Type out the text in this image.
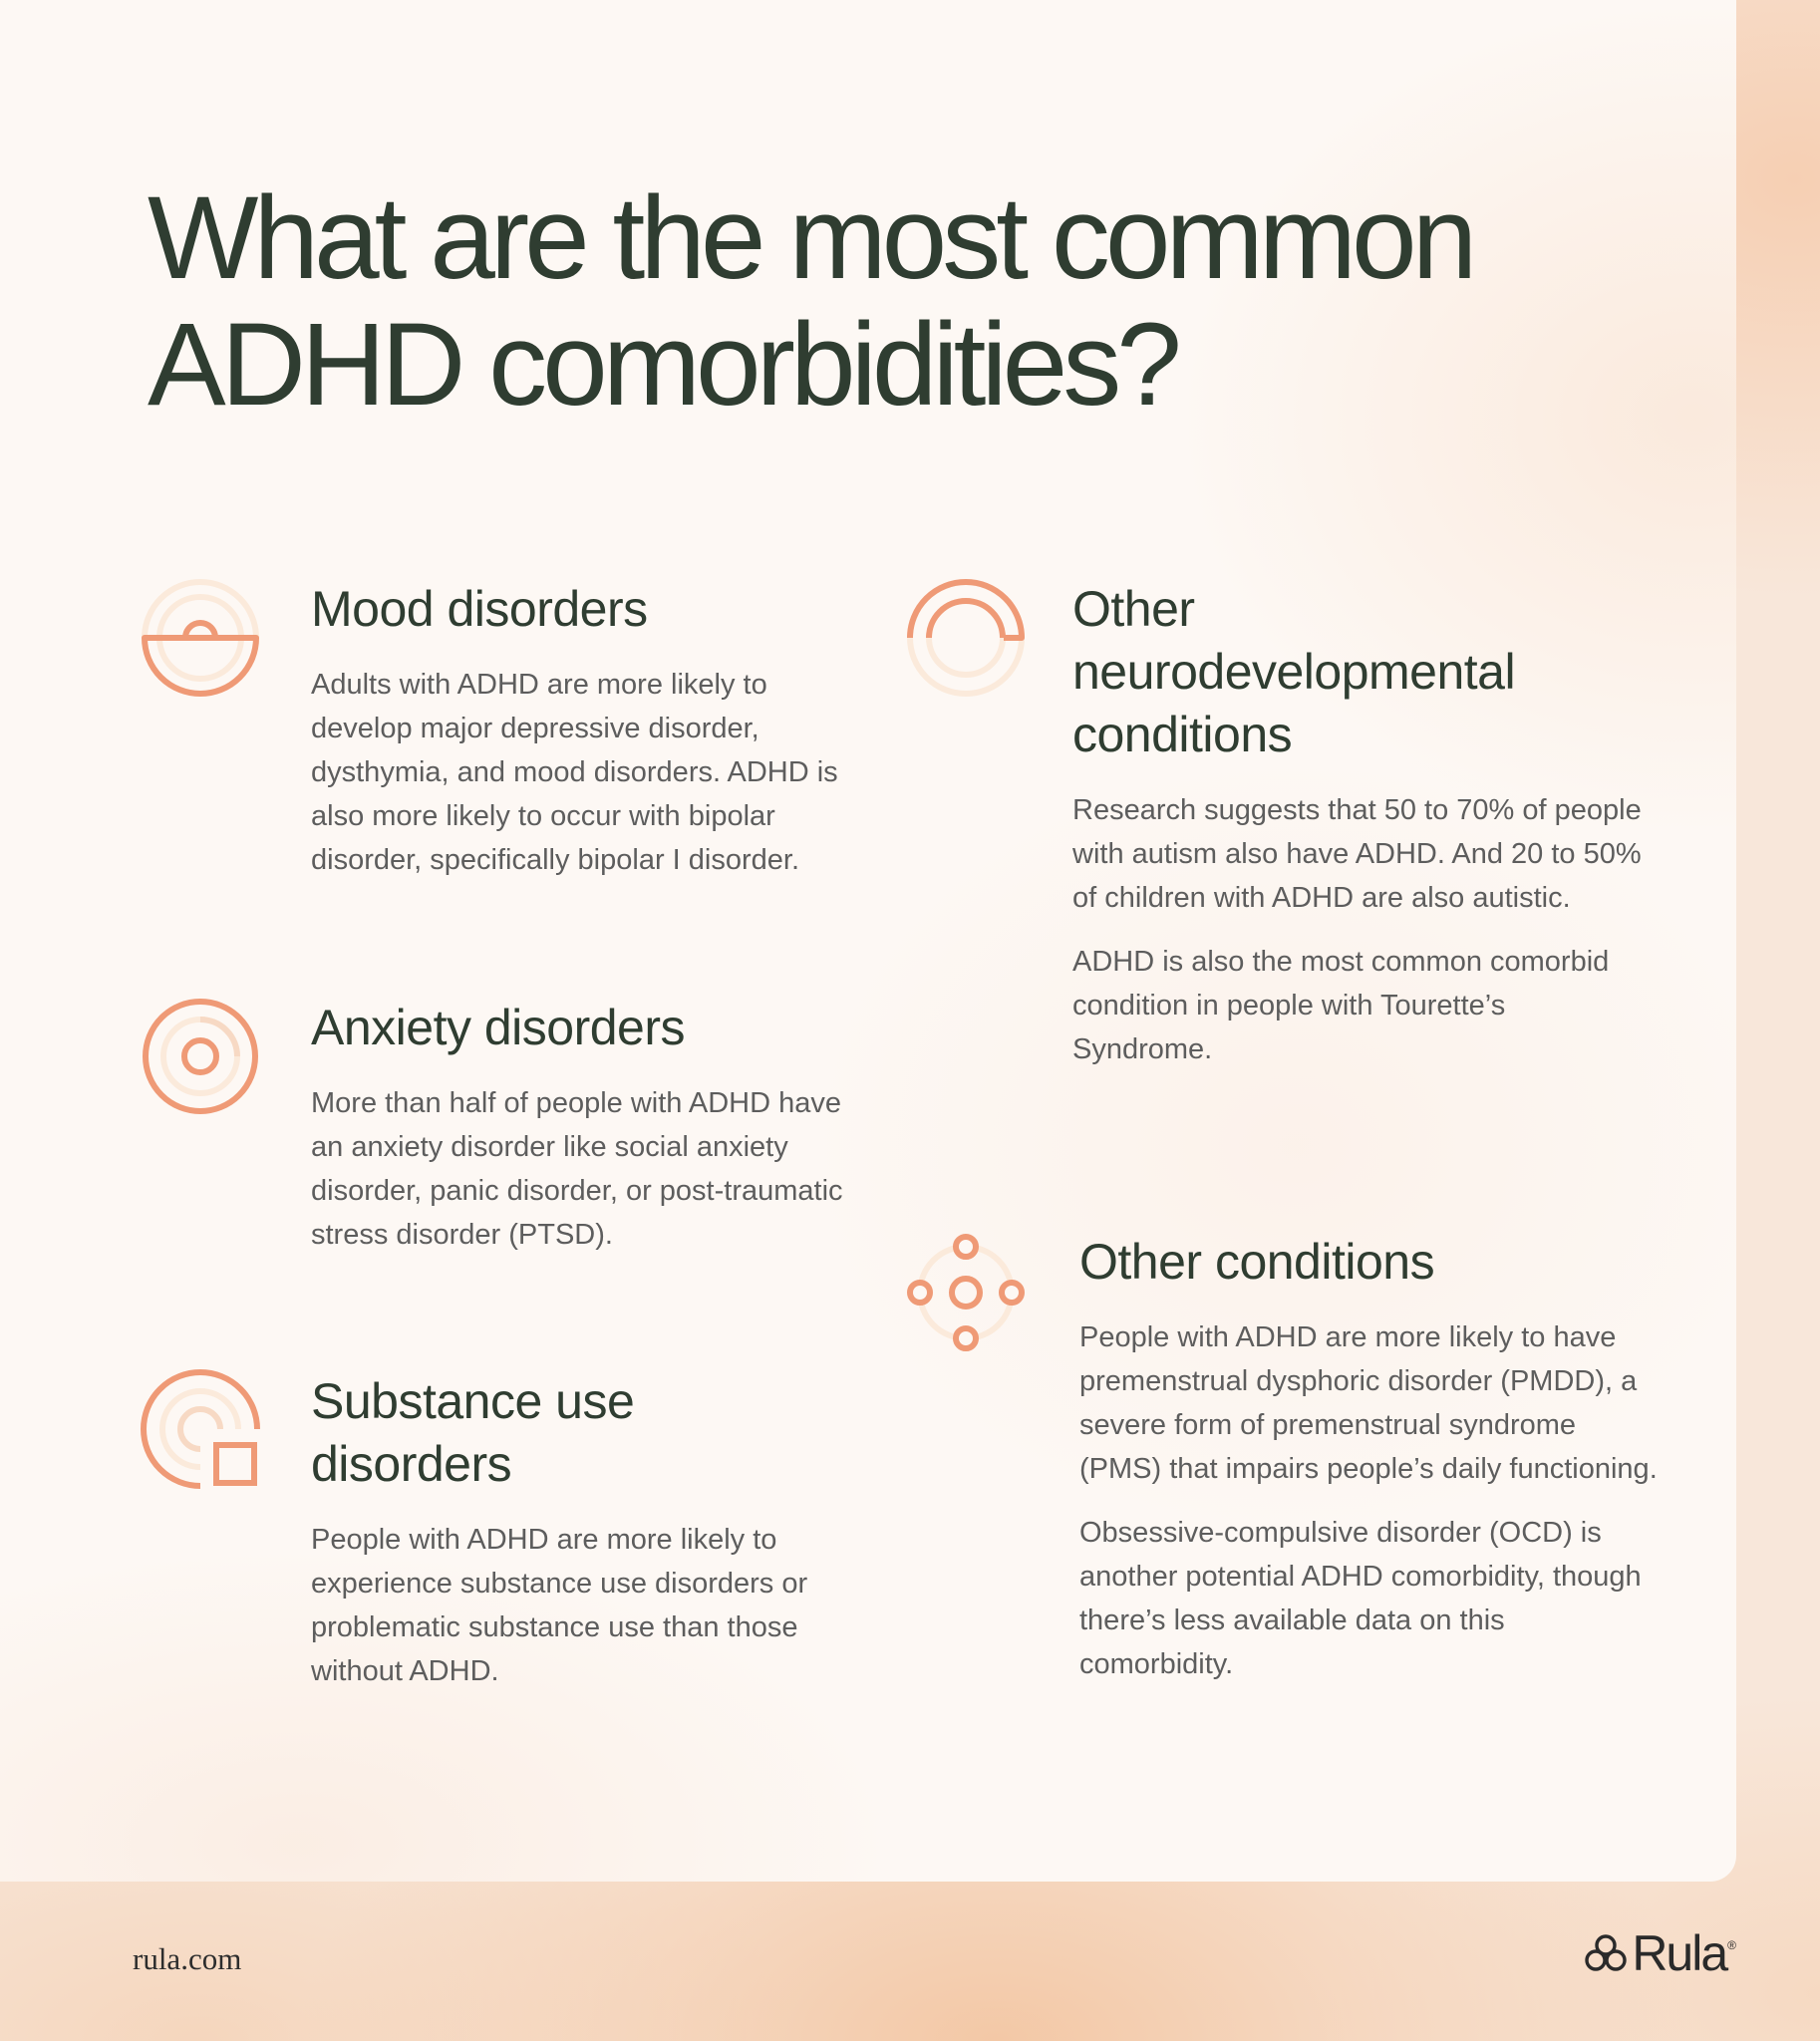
What are the most common ADHD comorbidities?
Mood disorders

Adults with ADHD are more likely to develop major depressive disorder, dysthymia, and mood disorders. ADHD is also more likely to occur with bipolar disorder, specifically bipolar I disorder.

Anxiety disorders

More than half of people with ADHD have an anxiety disorder like social anxiety disorder, panic disorder, or post-traumatic stress disorder (PTSD).

Substance use disorders

People with ADHD are more likely to experience substance use disorders or problematic substance use than those without ADHD.

Other neurodevelopmental conditions

Research suggests that 50 to 70% of people with autism also have ADHD. And 20 to 50% of children with ADHD are also autistic.

ADHD is also the most common comorbid condition in people with Tourette’s Syndrome.

Other conditions

People with ADHD are more likely to have premenstrual dysphoric disorder (PMDD), a severe form of premenstrual syndrome (PMS) that impairs people’s daily functioning.

Obsessive-compulsive disorder (OCD) is another potential ADHD comorbidity, though there’s less available data on this comorbidity.

rula.com	Rula ®
